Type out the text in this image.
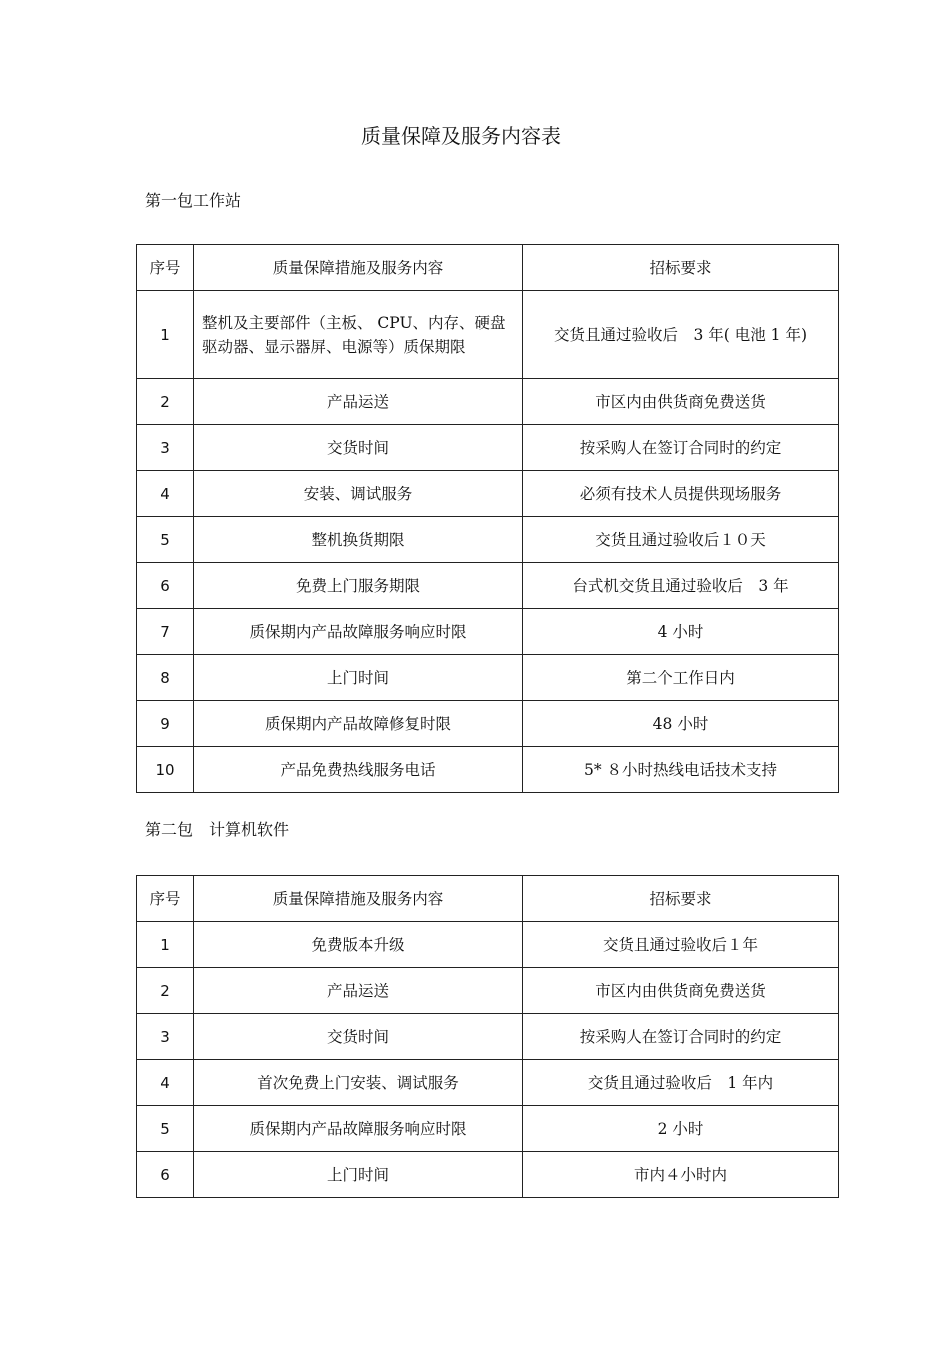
质量保障及服务内容表
第一包工作站
序号	质量保障措施及服务内容	招标要求
1	整机及主要部件（主板、 CPU、内存、硬盘驱动器、显示器屏、电源等）质保期限	交货且通过验收后　3 年( 电池 1 年)
2	产品运送	市区内由供货商免费送货
3	交货时间	按采购人在签订合同时的约定
4	安装、调试服务	必须有技术人员提供现场服务
5	整机换货期限	交货且通过验收后１０天
6	免费上门服务期限	台式机交货且通过验收后　3 年
7	质保期内产品故障服务响应时限	4 小时
8	上门时间	第二个工作日内
9	质保期内产品故障修复时限	48 小时
10	产品免费热线服务电话	5* ８小时热线电话技术支持
第二包　计算机软件
序号	质量保障措施及服务内容	招标要求
1	免费版本升级	交货且通过验收后１年
2	产品运送	市区内由供货商免费送货
3	交货时间	按采购人在签订合同时的约定
4	首次免费上门安装、调试服务	交货且通过验收后　1 年内
5	质保期内产品故障服务响应时限	2 小时
6	上门时间	市内４小时内
